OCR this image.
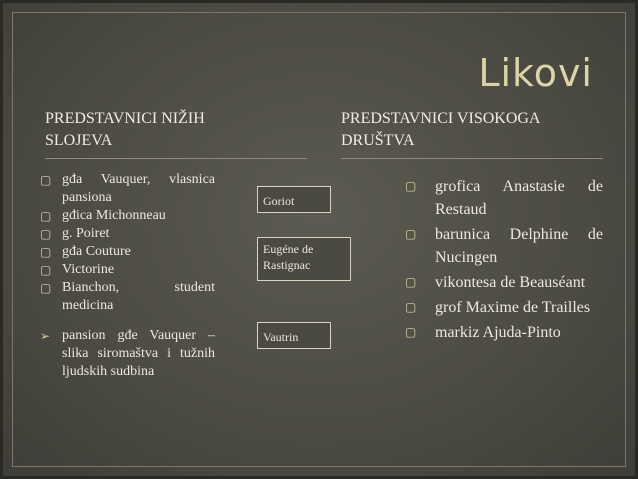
Likovi
PREDSTAVNICI NIŽIH
SLOJEVA
PREDSTAVNICI VISOKOGA
DRUŠTVA
▢ gđa Vauquer, vlasnica pansiona
▢ gđica Michonneau
▢ g. Poiret
▢ gđa Couture
▢ Victorine
▢ Bianchon, student medicina
➢ pansion gđe Vauquer – slika siromaštva i tužnih ljudskih sudbina
Goriot
Eugéne de
Rastignac
Vautrin
▢ grofica Anastasie de Restaud
▢ barunica Delphine de Nucingen
▢ vikontesa de Beauséant
▢ grof Maxime de Trailles
▢ markiz Ajuda-Pinto
